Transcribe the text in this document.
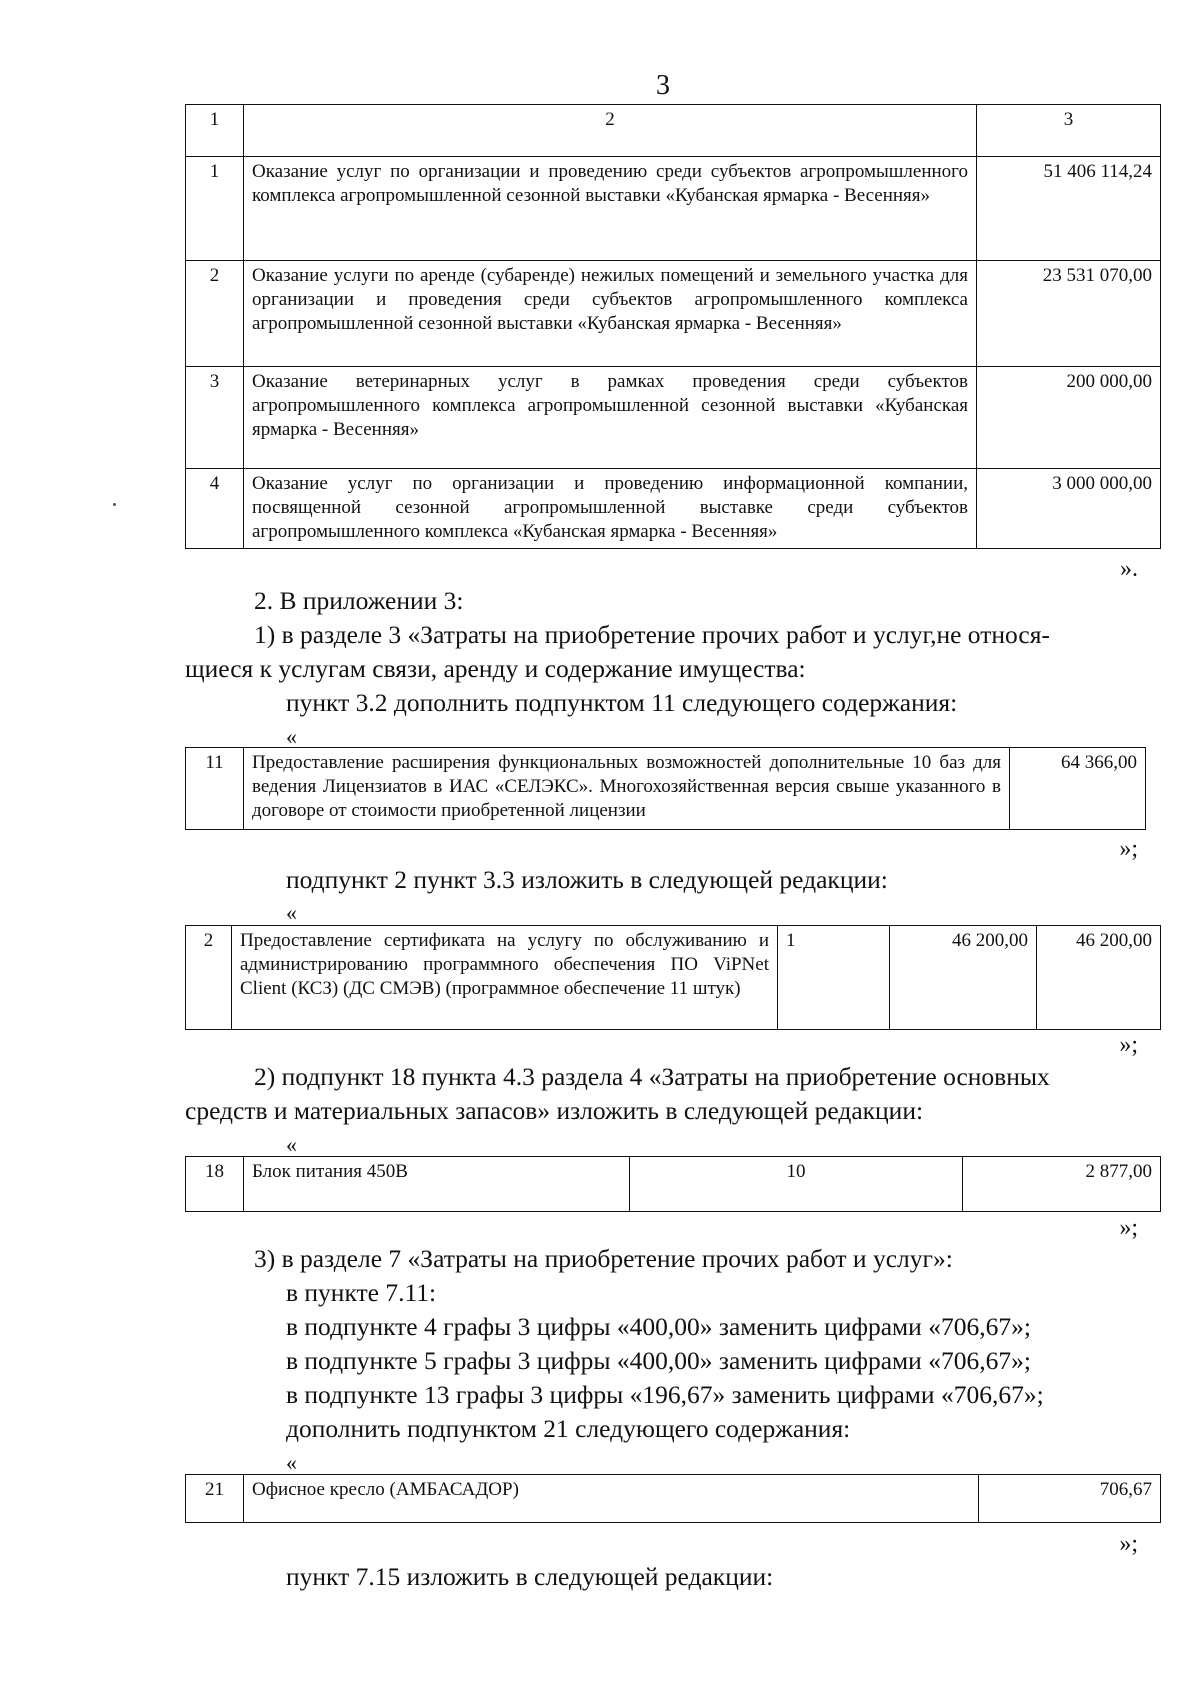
3
1	2	3
1	Оказание услуг по организации и проведению среди субъектов агропромышленного комплекса агропромышленной сезонной выставки «Кубанская ярмарка - Весенняя»	51 406 114,24
2	Оказание услуги по аренде (субаренде) нежилых помещений и земельного участка для организации и проведения среди субъектов агропромышленного комплекса агропромышленной сезонной выставки «Кубанская ярмарка - Весенняя»	23 531 070,00
3	Оказание ветеринарных услуг в рамках проведения среди субъектов агропромышленного комплекса агропромышленной сезонной выставки «Кубанская ярмарка - Весенняя»	200 000,00
4	Оказание услуг по организации и проведению информационной компании, посвященной сезонной агропромышленной выставке среди субъектов агропромышленного комплекса «Кубанская ярмарка - Весенняя»	3 000 000,00
».
2. В приложении 3:
1) в разделе 3 «Затраты на приобретение прочих работ и услуг,не относя-
щиеся к услугам связи, аренду и содержание имущества:
пункт 3.2 дополнить подпунктом 11 следующего содержания:
«
11	Предоставление расширения функциональных возможностей дополнительные 10 баз для ведения Лицензиатов в ИАС «СЕЛЭКС». Многохозяйственная версия свыше указанного в договоре от стоимости приобретенной лицензии	64 366,00
»;
подпункт 2 пункт 3.3 изложить в следующей редакции:
«
2	Предоставление сертификата на услугу по обслуживанию и администрированию программного обеспечения ПО ViPNet Client (КСЗ) (ДС СМЭВ) (программное обеспечение 11 штук)	1	46 200,00	46 200,00
»;
2) подпункт 18 пункта 4.3 раздела 4 «Затраты на приобретение основных
средств и материальных запасов» изложить в следующей редакции:
«
18	Блок питания 450В	10	2 877,00
»;
3) в разделе 7 «Затраты на приобретение прочих работ и услуг»:
в пункте 7.11:
в подпункте 4 графы 3 цифры «400,00» заменить цифрами «706,67»;
в подпункте 5 графы 3 цифры «400,00» заменить цифрами «706,67»;
в подпункте 13 графы 3 цифры «196,67» заменить цифрами «706,67»;
дополнить подпунктом 21 следующего содержания:
«
21	Офисное кресло (АМБАСАДОР)	706,67
»;
пункт 7.15 изложить в следующей редакции:
